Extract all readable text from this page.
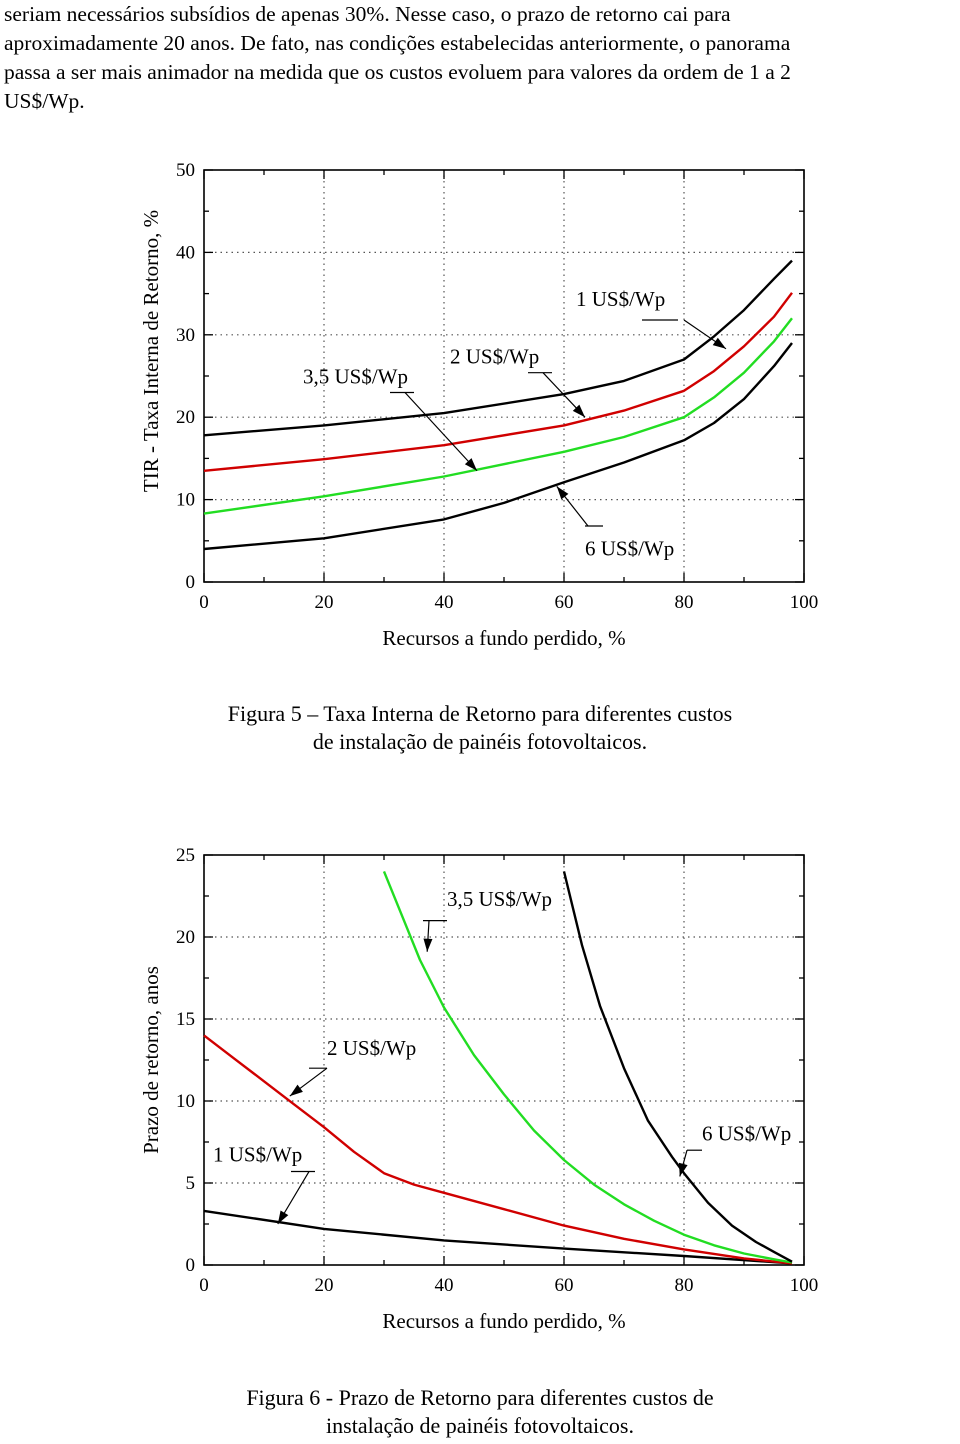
seriam necessários subsídios de apenas 30%. Nesse caso, o prazo de retorno cai para
aproximadamente 20 anos. De fato, nas condições estabelecidas anteriormente, o panorama
passa a ser mais animador na medida que os custos evoluem para valores da ordem de 1 a 2
US$/Wp.
0	20	40	60	80	100
0
10
20
30
40
50
Recursos a fundo perdido, %
TIR - Taxa Interna de Retorno, %	1 US$/Wp
2 US$/Wp
3,5 US$/Wp
6 US$/Wp
Figura 5 – Taxa Interna de Retorno para diferentes custos
de instalação de painéis fotovoltaicos.
0	20	40	60	80	100
0
5
10
15
20
25
Recursos a fundo perdido, %
Prazo de retorno, anos
1 US$/Wp
2 US$/Wp
3,5 US$/Wp
6 US$/Wp
Figura 6 - Prazo de Retorno para diferentes custos de
instalação de painéis fotovoltaicos.
